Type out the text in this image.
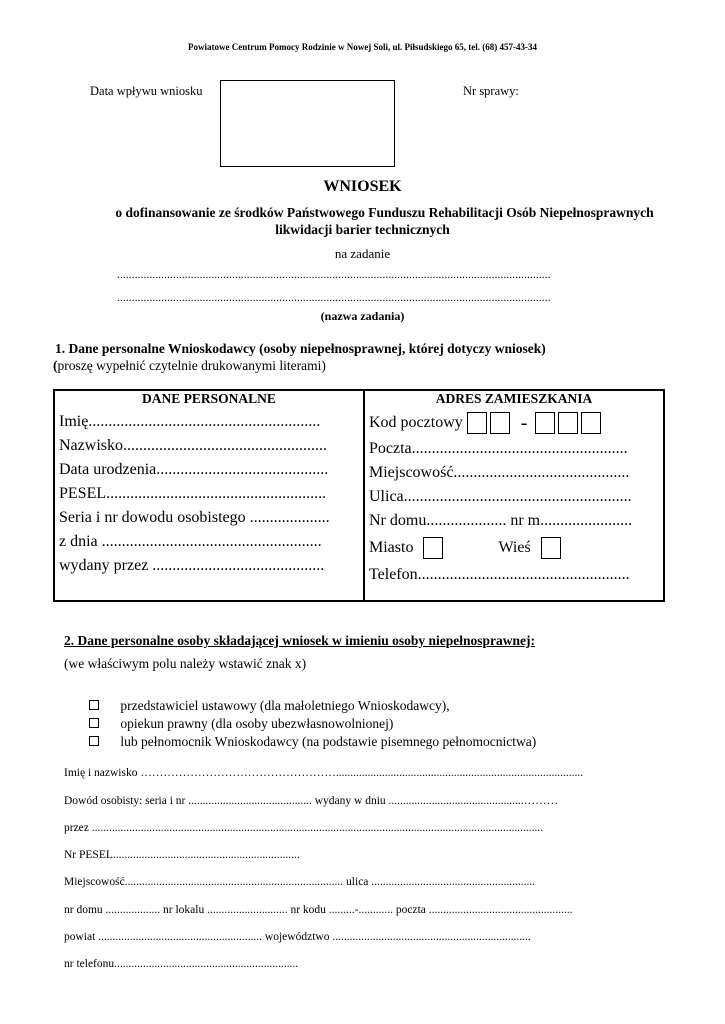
Powiatowe Centrum Pomocy Rodzinie w Nowej Soli, ul. Piłsudskiego 65, tel. (68) 457-43-34
Data wpływu wniosku	Nr sprawy:
WNIOSEK
o dofinansowanie ze środków Państwowego Funduszu Rehabilitacji Osób Niepełnosprawnych
likwidacji barier technicznych
na zadanie
...................................................................................................................................................
...................................................................................................................................................
(nazwa zadania)
1. Dane personalne Wnioskodawcy (osoby niepełnosprawnej, której dotyczy wniosek)
(proszę wypełnić czytelnie drukowanymi literami)
DANE PERSONALNE
Imię..........................................................
Nazwisko...................................................
Data urodzenia...........................................
PESEL.......................................................
Seria i nr dowodu osobistego ....................
z dnia .......................................................
wydany przez ...........................................

ADRES ZAMIESZKANIA
Kod pocztowy	-
Poczta......................................................
Miejscowość............................................
Ulica.........................................................
Nr domu.................... nr m.......................
Miasto	Wieś
Telefon.....................................................
2. Dane personalne osoby składającej wniosek w imieniu osoby niepełnosprawnej:
(we właściwym polu należy wstawić znak x)
przedstawiciel ustawowy (dla małoletniego Wnioskodawcy),
opiekun prawny (dla osoby ubezwłasnowolnionej)
lub pełnomocnik Wnioskodawcy (na podstawie pisemnego pełnomocnictwa)
Imię i nazwisko ……………………………………………......................................................................................
Dowód osobisty: seria i nr ........................................... wydany w dniu ...............................................………
przez .............................................................................................................................................................
Nr PESEL.................................................................
Miejscowość............................................................................ ulica .........................................................
nr domu ................... nr lokalu ............................ nr kodu .........-............ poczta ..................................................
powiat ......................................................... województwo .....................................................................
nr telefonu................................................................
